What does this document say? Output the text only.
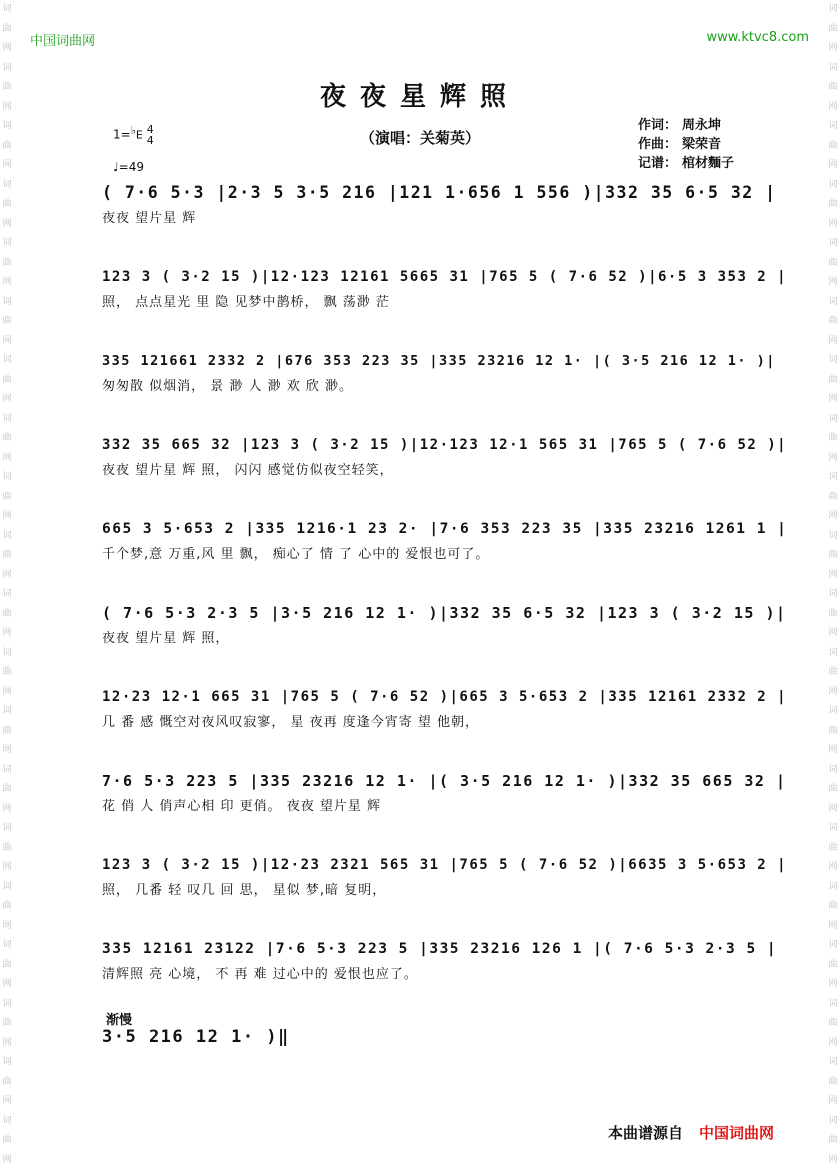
词
曲
网
词
曲
网
词
曲
网
词
曲
网
词
曲
网
词
曲
网
词
曲
网
词
曲
网
词
曲
网
词
曲
网
词
曲
网
词
曲
网
词
曲
网
词
曲
网
词
曲
网
词
曲
网
词
曲
网
词
曲
网
词
曲
网
词
曲
网
词
曲
网
词
曲
网
词
曲
网
词
曲
网
词
曲
网
词
曲
网
词
曲
网
词
曲
网
词
曲
网
词
曲
网
词
曲
网
词
曲
网
词
曲
网
词
曲
网
词
曲
网
词
曲
网
词
曲
网
词
曲
网
词
曲
网
词
曲
网
中国词曲网	www.ktvc8.com
夜夜星辉照
（演唱：关菊英）
作词： 周永坤
作曲： 梁荣音
记谱： 棺材麵子
1=♭E 4
4
♩=49
( 7·6 5·3 |2·3 5 3·5 216 |121 1·656 1 556 )|332 35 6·5 32 |
夜夜 望片星 辉
123 3 ( 3·2 15 )|12·123 12161 5665 31 |765 5 ( 7·6 52 )|6·5 3 353 2 |
照， 点点星光 里 隐 见梦中鹊桥， 飘 荡渺 茫
335 121661 2332 2 |676 353 223 35 |335 23216 12 1· |( 3·5 216 12 1· )|
匆匆散 似烟消， 景 渺 人 渺 欢 欣 渺。
332 35 665 32 |123 3 ( 3·2 15 )|12·123 12·1 565 31 |765 5 ( 7·6 52 )|
夜夜 望片星 辉 照， 闪闪 感觉仿似夜空轻笑，
665 3 5·653 2 |335 1216·1 23 2· |7·6 353 223 35 |335 23216 1261 1 |
千个梦,意 万重,风 里 飘， 痴心了 情 了 心中的 爱恨也可了。
( 7·6 5·3 2·3 5 |3·5 216 12 1· )|332 35 6·5 32 |123 3 ( 3·2 15 )|
夜夜 望片星 辉 照，
12·23 12·1 665 31 |765 5 ( 7·6 52 )|665 3 5·653 2 |335 12161 2332 2 |
几 番 感 慨空对夜风叹寂寥， 星 夜再 度逢今宵寄 望 他朝，
7·6 5·3 223 5 |335 23216 12 1· |( 3·5 216 12 1· )|332 35 665 32 |
花 俏 人 俏声心相 印 更俏。 夜夜 望片星 辉
123 3 ( 3·2 15 )|12·23 2321 565 31 |765 5 ( 7·6 52 )|6635 3 5·653 2 |
照， 几番 轻 叹几 回 思， 星似 梦,暗 复明，
335 12161 23122 |7·6 5·3 223 5 |335 23216 126 1 |( 7·6 5·3 2·3 5 |
清辉照 亮 心境， 不 再 难 过心中的 爱恨也应了。
渐慢
3·5 216 12 1· )‖
本曲谱源自 中国词曲网
